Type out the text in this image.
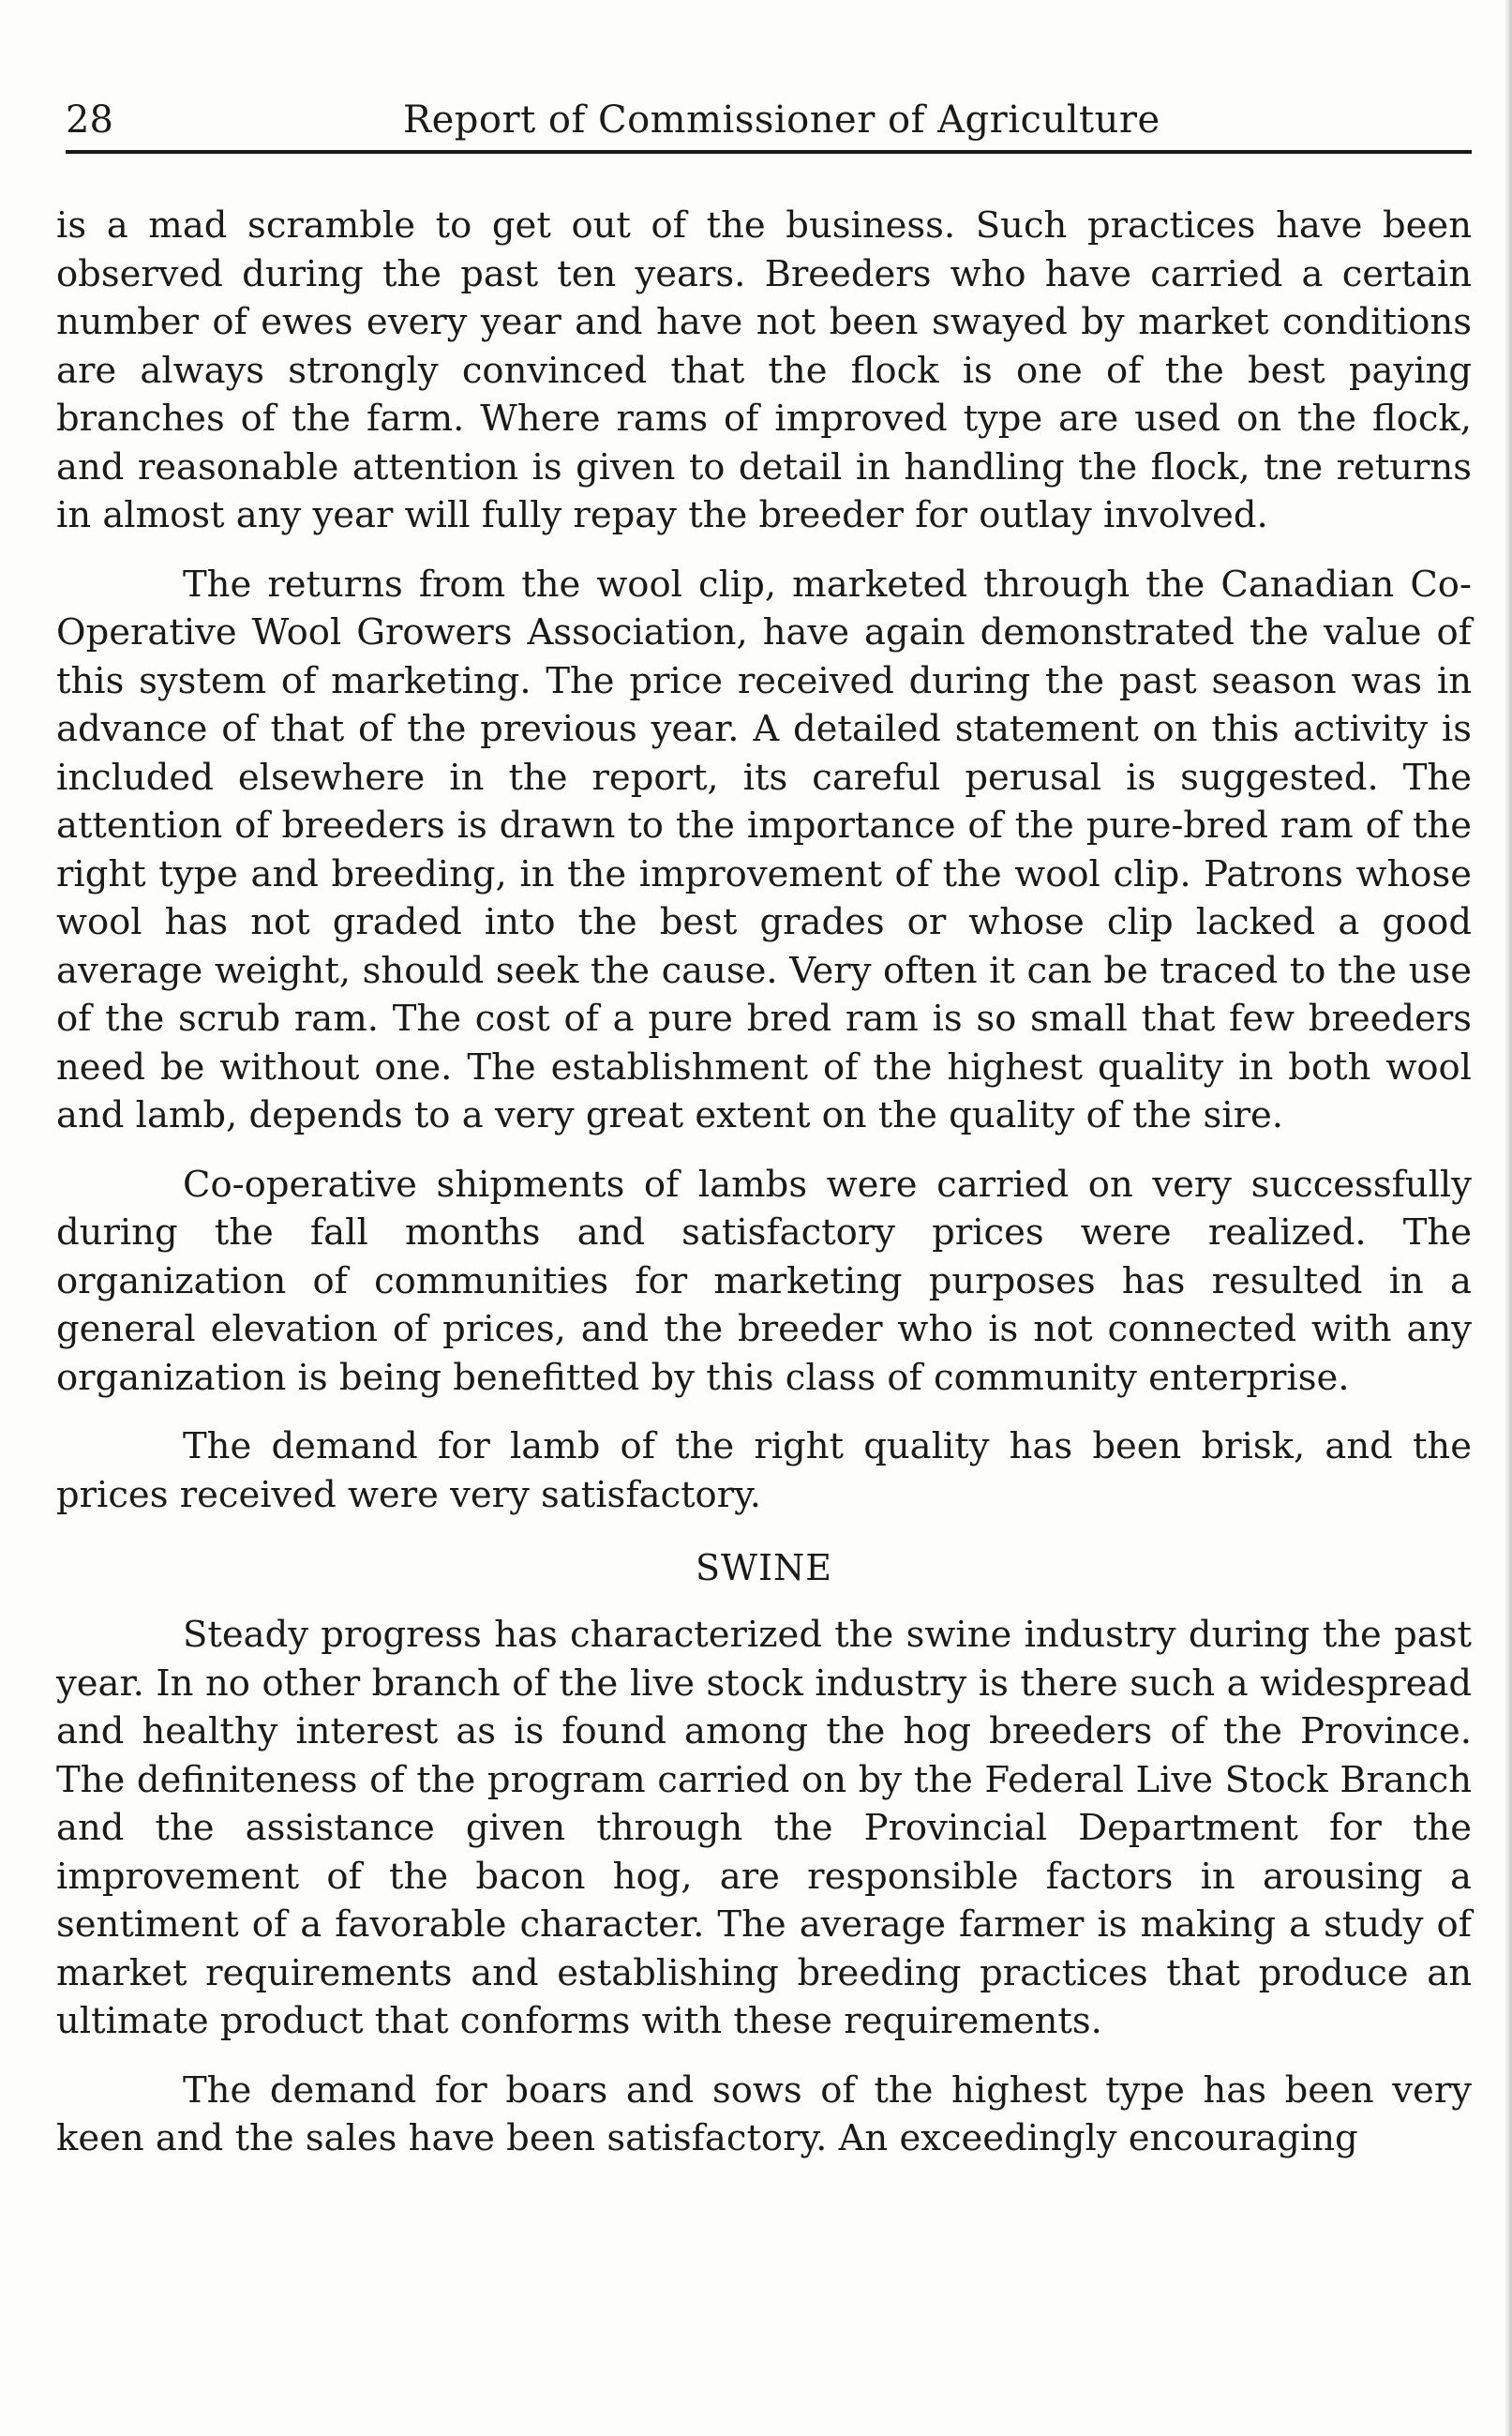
28	Report of Commissioner of Agriculture

is a mad scramble to get out of the business. Such practices have been observed during the past ten years. Breeders who have carried a certain number of ewes every year and have not been swayed by market conditions are always strongly convinced that the flock is one of the best paying branches of the farm. Where rams of improved type are used on the flock, and reasonable attention is given to detail in handling the flock, tne returns in almost any year will fully repay the breeder for outlay involved.

The returns from the wool clip, marketed through the Canadian Co-Operative Wool Growers Association, have again demonstrated the value of this system of marketing. The price received during the past season was in advance of that of the previous year. A detailed statement on this activity is included elsewhere in the report, its careful perusal is suggested. The attention of breeders is drawn to the importance of the pure-bred ram of the right type and breeding, in the improvement of the wool clip. Patrons whose wool has not graded into the best grades or whose clip lacked a good average weight, should seek the cause. Very often it can be traced to the use of the scrub ram. The cost of a pure bred ram is so small that few breeders need be without one. The establishment of the highest quality in both wool and lamb, depends to a very great extent on the quality of the sire.

Co-operative shipments of lambs were carried on very successfully during the fall months and satisfactory prices were realized. The organization of communities for marketing purposes has resulted in a general elevation of prices, and the breeder who is not connected with any organization is being benefitted by this class of community enterprise.

The demand for lamb of the right quality has been brisk, and the prices received were very satisfactory.

SWINE

Steady progress has characterized the swine industry during the past year. In no other branch of the live stock industry is there such a widespread and healthy interest as is found among the hog breeders of the Province. The definiteness of the program carried on by the Federal Live Stock Branch and the assistance given through the Provincial Department for the improvement of the bacon hog, are responsible factors in arousing a sentiment of a favorable character. The average farmer is making a study of market requirements and establishing breeding practices that produce an ultimate product that conforms with these requirements.

The demand for boars and sows of the highest type has been very keen and the sales have been satisfactory. An exceedingly encouraging
